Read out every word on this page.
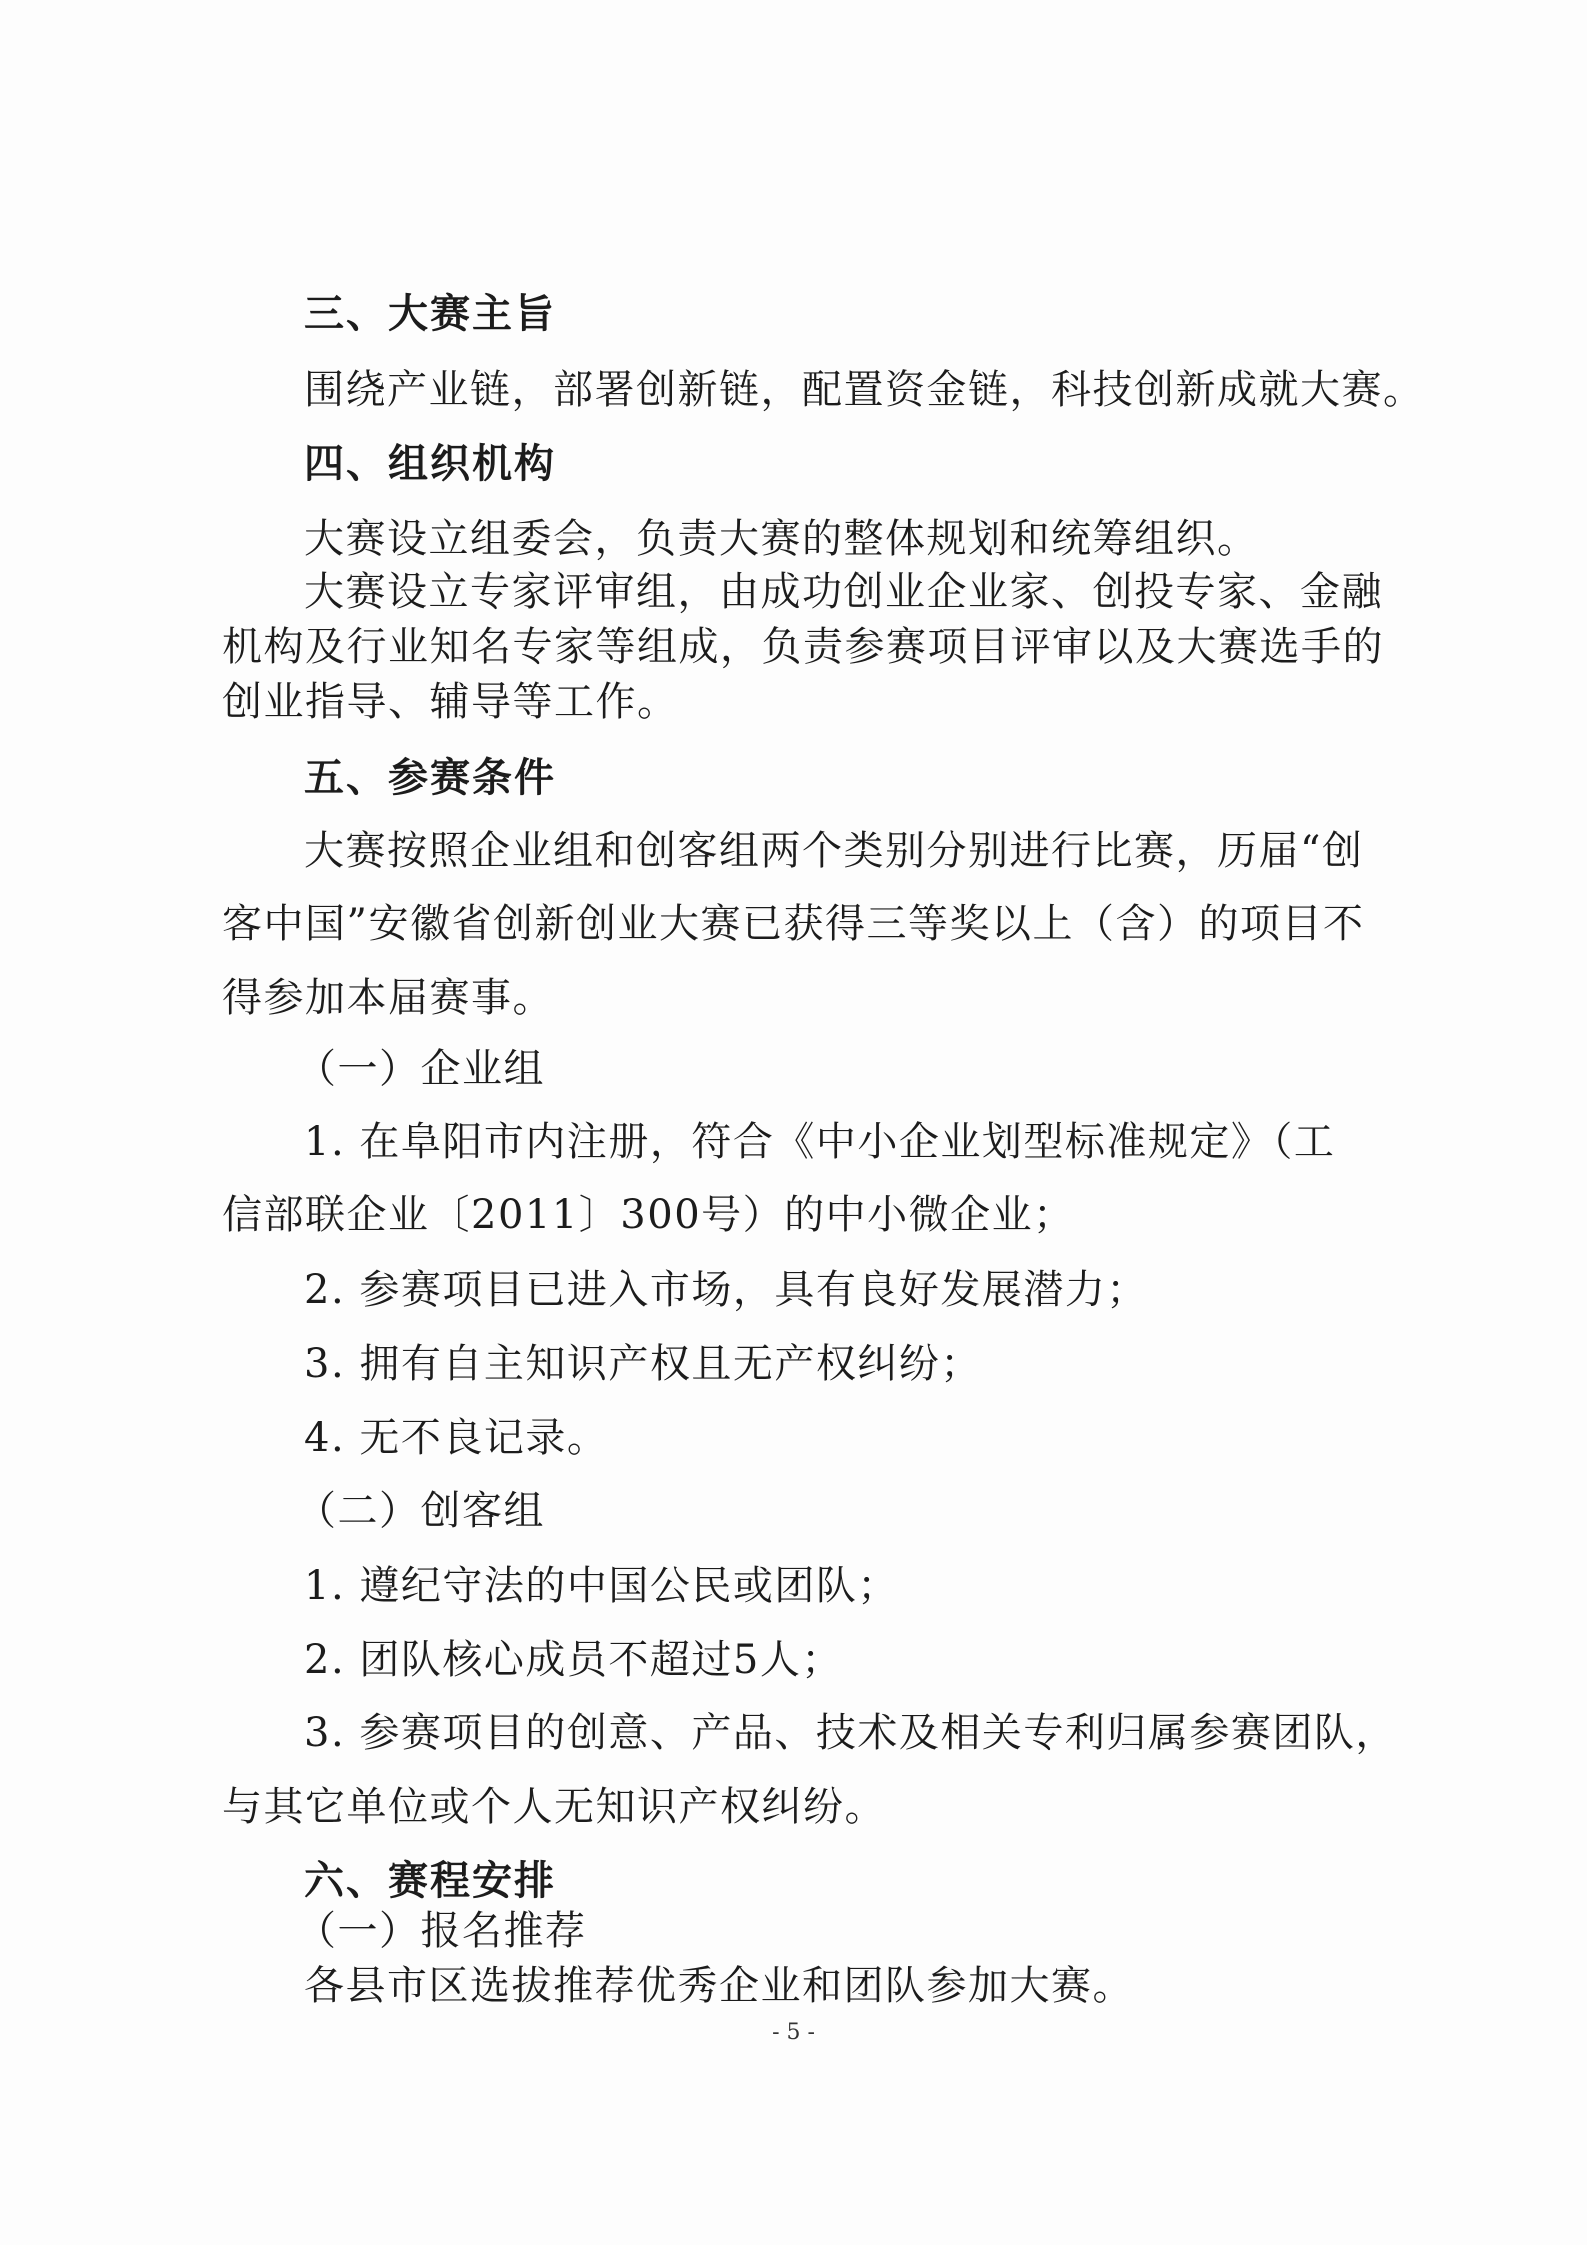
三、大赛主旨
围绕产业链，部署创新链，配置资金链，科技创新成就大赛。
四、组织机构
大赛设立组委会，负责大赛的整体规划和统筹组织。
大赛设立专家评审组，由成功创业企业家、创投专家、金融
机构及行业知名专家等组成，负责参赛项目评审以及大赛选手的
创业指导、辅导等工作。
五、参赛条件
大赛按照企业组和创客组两个类别分别进行比赛，历届“创
客中国”安徽省创新创业大赛已获得三等奖以上（含）的项目不
得参加本届赛事。
（一）企业组
1. 在阜阳市内注册，符合《中小企业划型标准规定》（工
信部联企业〔2011〕300号）的中小微企业；
2. 参赛项目已进入市场，具有良好发展潜力；
3. 拥有自主知识产权且无产权纠纷；
4. 无不良记录。
（二）创客组
1. 遵纪守法的中国公民或团队；
2. 团队核心成员不超过5人；
3. 参赛项目的创意、产品、技术及相关专利归属参赛团队，
与其它单位或个人无知识产权纠纷。
六、赛程安排
（一）报名推荐
各县市区选拔推荐优秀企业和团队参加大赛。
- 5 -
